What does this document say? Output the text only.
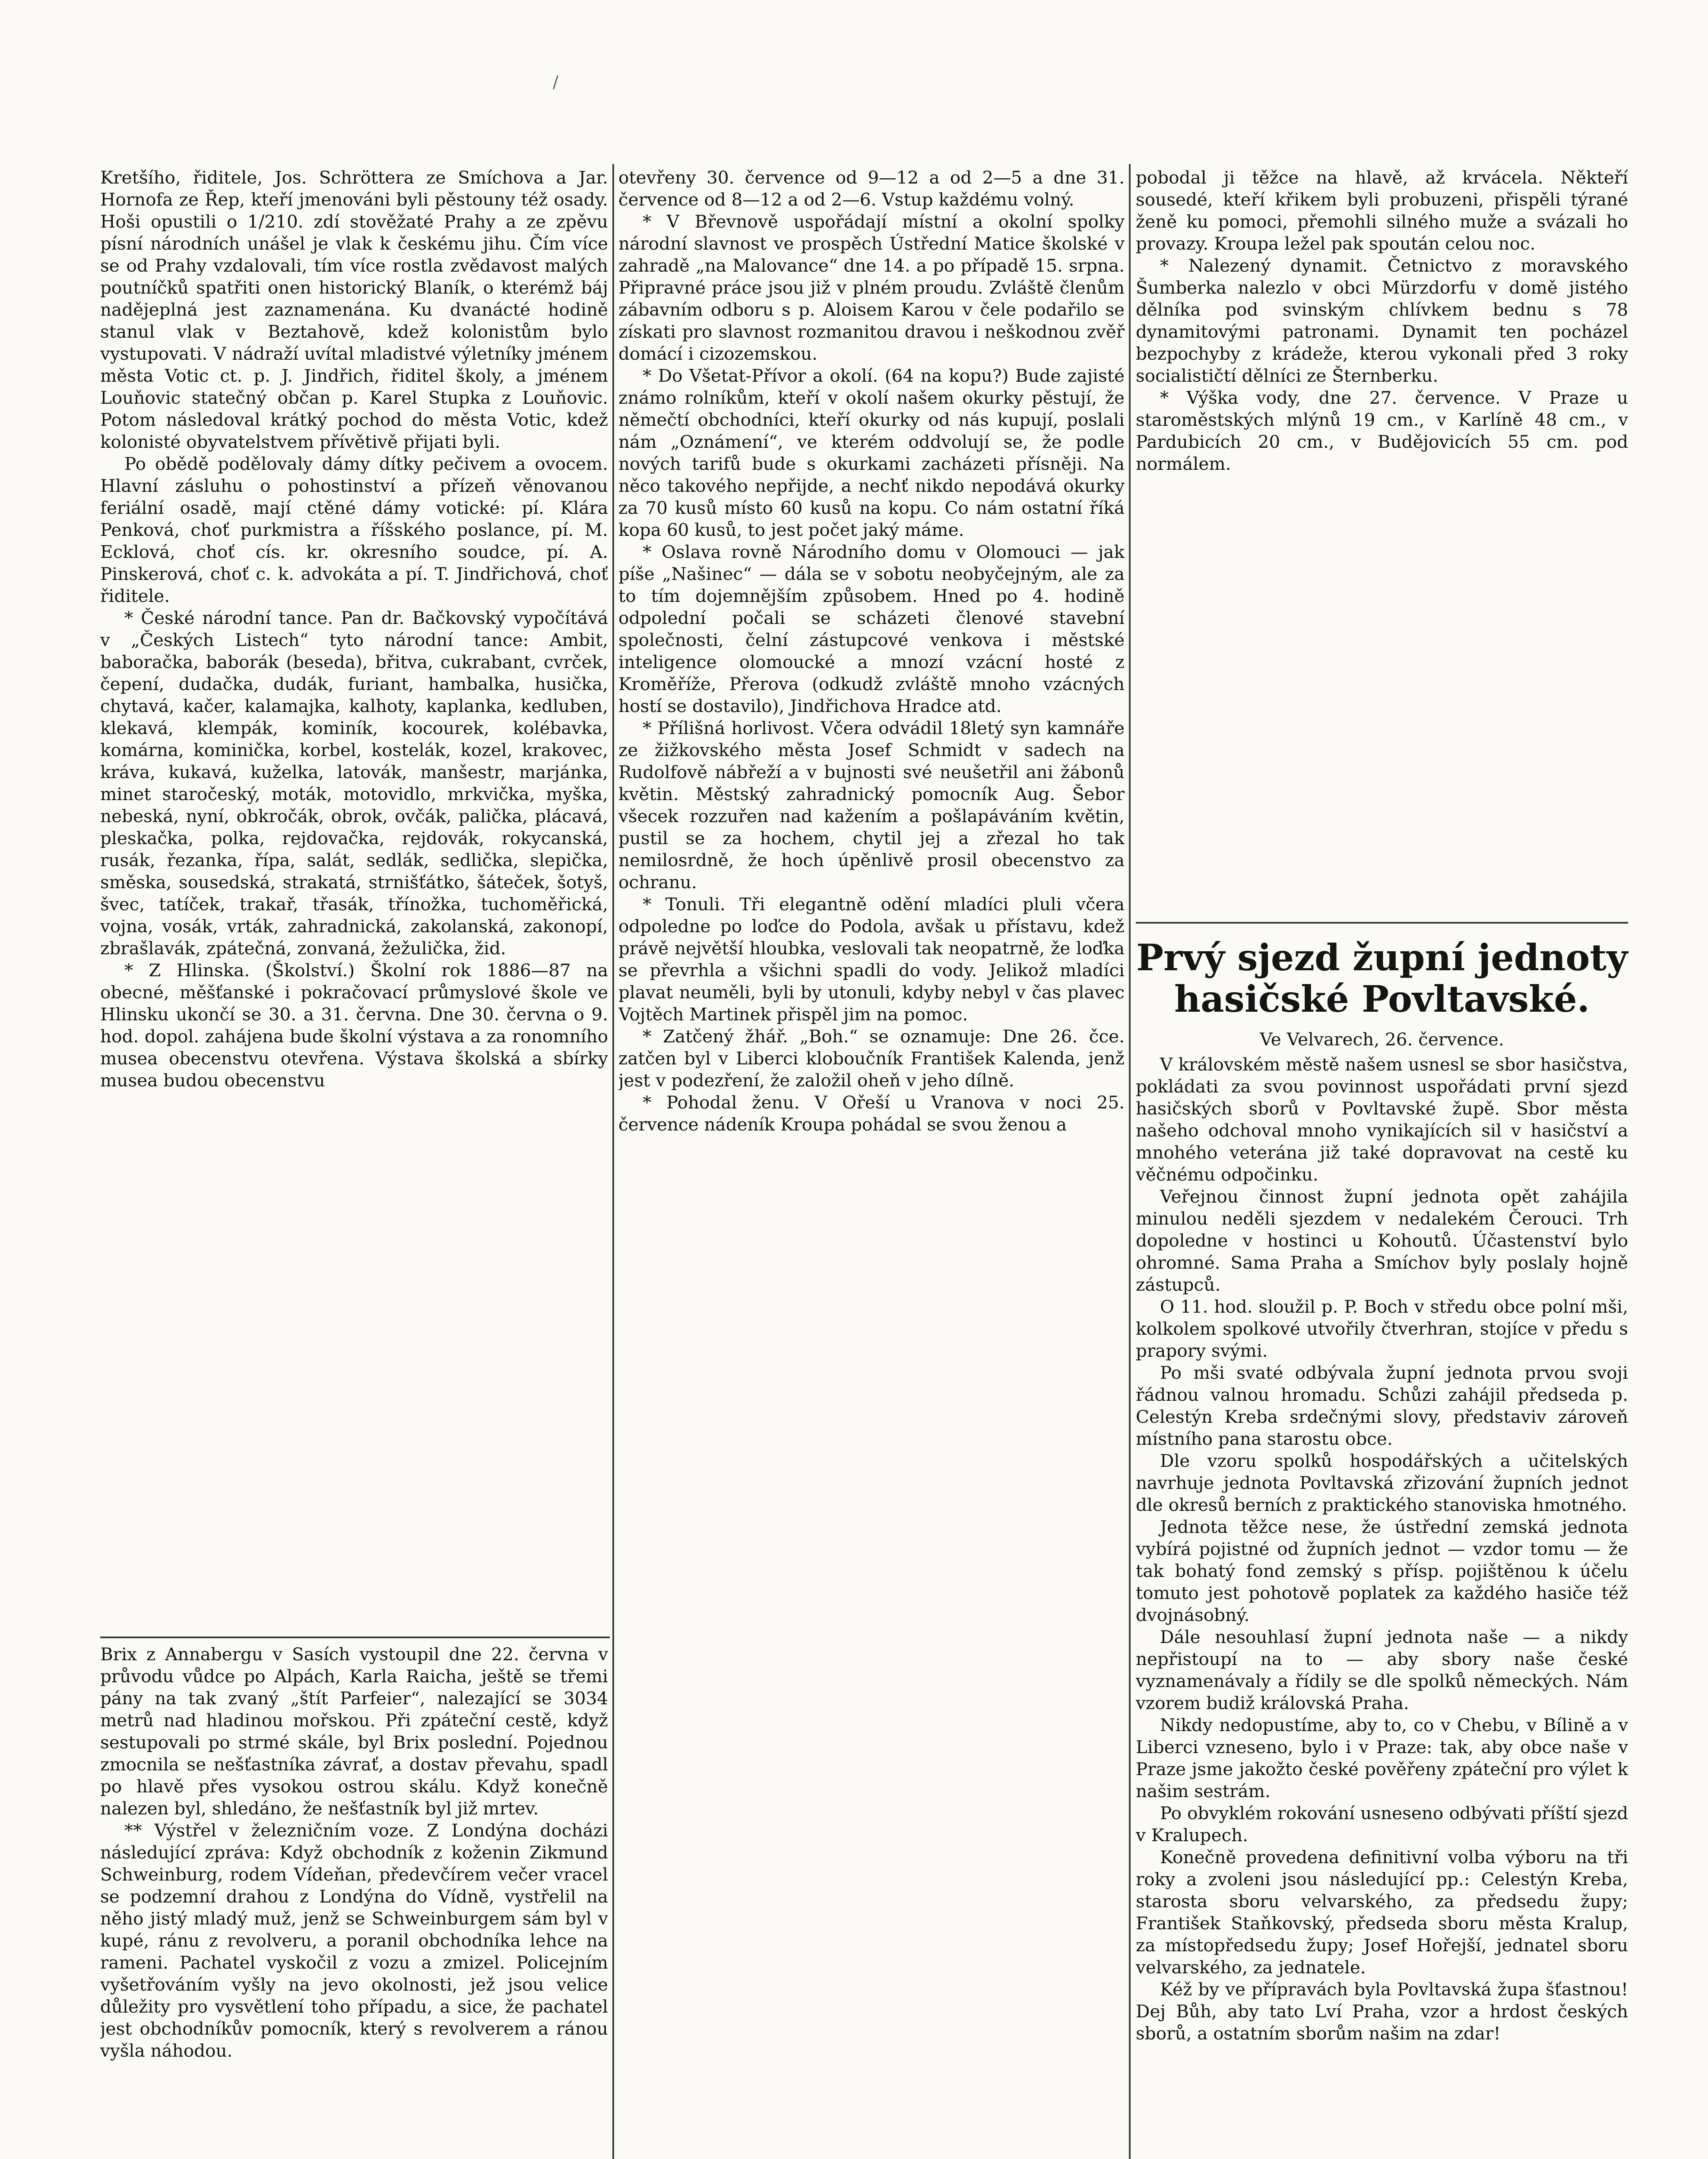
/

Kretšího, řiditele, Jos. Schröttera ze Smíchova a Jar. Hornofa ze Řep, kteří jmenováni byli pěstouny též osady. Hoši opustili o 1/210. zdí stověžaté Prahy a ze zpěvu písní národních unášel je vlak k českému jihu. Čím více se od Prahy vzdalovali, tím více rostla zvědavost malých poutníčků spatřiti onen historický Blaník, o kterémž báj nadějeplná jest zaznamenána. Ku dvanácté hodině stanul vlak v Beztahově, kdež kolonistům bylo vystupovati. V nádraží uvítal mladistvé výletníky jménem města Votic ct. p. J. Jindřich, řiditel školy, a jménem Louňovic statečný občan p. Karel Stupka z Louňovic. Potom následoval krátký pochod do města Votic, kdež kolonisté obyvatelstvem přívětivě přijati byli.

Po obědě podělovaly dámy dítky pečivem a ovocem. Hlavní zásluhu o pohostinství a přízeň věnovanou feriální osadě, mají ctěné dámy votické: pí. Klára Penková, choť purkmistra a říšského poslance, pí. M. Ecklová, choť cís. kr. okresního soudce, pí. A. Pinskerová, choť c. k. advokáta a pí. T. Jindřichová, choť řiditele.

* České národní tance. Pan dr. Bačkovský vypočítává v „Českých Listech“ tyto národní tance: Ambit, baboračka, baborák (beseda), břitva, cukrabant, cvrček, čepení, dudačka, dudák, furiant, hambalka, husička, chytavá, kačer, kalamajka, kalhoty, kaplanka, kedluben, klekavá, klempák, kominík, kocourek, kolébavka, komárna, kominička, korbel, kostelák, kozel, krakovec, kráva, kukavá, kuželka, latovák, manšestr, marjánka, minet staročeský, moták, motovidlo, mrkvička, myška, nebeská, nyní, obkročák, obrok, ovčák, palička, plácavá, pleskačka, polka, rejdovačka, rejdovák, rokycanská, rusák, řezanka, řípa, salát, sedlák, sedlička, slepička, směska, sousedská, strakatá, strnišťátko, šáteček, šotyš, švec, tatíček, trakař, třasák, třínožka, tuchoměřická, vojna, vosák, vrták, zahradnická, zakolanská, zakonopí, zbrašlavák, zpátečná, zonvaná, žežulička, žid.

* Z Hlinska. (Školství.) Školní rok 1886—87 na obecné, měšťanské i pokračovací průmyslové škole ve Hlinsku ukončí se 30. a 31. června. Dne 30. června o 9. hod. dopol. zahájena bude školní výstava a za ronomního musea obecenstvu otevřena. Výstava školská a sbírky musea budou obecenstvu

Brix z Annabergu v Sasích vystoupil dne 22. června v průvodu vůdce po Alpách, Karla Raicha, ještě se třemi pány na tak zvaný „štít Parfeier“, nalezající se 3034 metrů nad hladinou mořskou. Při zpáteční cestě, když sestupovali po strmé skále, byl Brix poslední. Pojednou zmocnila se nešťastníka závrať, a dostav převahu, spadl po hlavě přes vysokou ostrou skálu. Když konečně nalezen byl, shledáno, že nešťastník byl již mrtev.

** Výstřel v železničním voze. Z Londýna docházi následující zpráva: Když obchodník z koženin Zikmund Schweinburg, rodem Vídeňan, předevčírem večer vracel se podzemní drahou z Londýna do Vídně, vystřelil na něho jistý mladý muž, jenž se Schweinburgem sám byl v kupé, ránu z revolveru, a poranil obchodníka lehce na rameni. Pachatel vyskočil z vozu a zmizel. Policejním vyšetřováním vyšly na jevo okolnosti, jež jsou velice důležity pro vysvětlení toho případu, a sice, že pachatel jest obchodníkův pomocník, který s revolverem a ránou vyšla náhodou.

otevřeny 30. července od 9—12 a od 2—5 a dne 31. července od 8—12 a od 2—6. Vstup každému volný.

* V Břevnově uspořádají místní a okolní spolky národní slavnost ve prospěch Ústřední Matice školské v zahradě „na Malovance“ dne 14. a po případě 15. srpna. Připravné práce jsou již v plném proudu. Zvláště členům zábavním odboru s p. Aloisem Karou v čele podařilo se získati pro slavnost rozmanitou dravou i neškodnou zvěř domácí i cizozemskou.

* Do Všetat-Přívor a okolí. (64 na kopu?) Bude zajisté známo rolníkům, kteří v okolí našem okurky pěstují, že němečtí obchodníci, kteří okurky od nás kupují, poslali nám „Oznámení“, ve kterém oddvolují se, že podle nových tarifů bude s okurkami zacházeti přísněji. Na něco takového nepřijde, a nechť nikdo nepodává okurky za 70 kusů místo 60 kusů na kopu. Co nám ostatní říká kopa 60 kusů, to jest počet jaký máme.

* Oslava rovně Národního domu v Olomouci — jak píše „Našinec“ — dála se v sobotu neobyčejným, ale za to tím dojemnějším způsobem. Hned po 4. hodině odpolední počali se scházeti členové stavební společnosti, čelní zástupcové venkova i městské inteligence olomoucké a mnozí vzácní hosté z Kroměříže, Přerova (odkudž zvláště mnoho vzácných hostí se dostavilo), Jindřichova Hradce atd.

* Přílišná horlivost. Včera odvádil 18letý syn kamnáře ze žižkovského města Josef Schmidt v sadech na Rudolfově nábřeží a v bujnosti své neušetřil ani žábonů květin. Městský zahradnický pomocník Aug. Šebor všecek rozzuřen nad kažením a pošlapáváním květin, pustil se za hochem, chytil jej a zřezal ho tak nemilosrdně, že hoch úpěnlivě prosil obecenstvo za ochranu.

* Tonuli. Tři elegantně odění mladíci pluli včera odpoledne po loďce do Podola, avšak u přístavu, kdež právě největší hloubka, veslovali tak neopatrně, že loďka se převrhla a všichni spadli do vody. Jelikož mladíci plavat neuměli, byli by utonuli, kdyby nebyl v čas plavec Vojtěch Martinek přispěl jim na pomoc.

* Zatčený žhář. „Boh.“ se oznamuje: Dne 26. čce. zatčen byl v Liberci kloboučník František Kalenda, jenž jest v podezření, že založil oheň v jeho dílně.

* Pohodal ženu. V Ořeší u Vranova v noci 25. července nádeník Kroupa pohádal se svou ženou a

pobodal ji těžce na hlavě, až krvácela. Někteří sousedé, kteří křikem byli probuzeni, přispěli týrané ženě ku pomoci, přemohli silného muže a svázali ho provazy. Kroupa ležel pak spoután celou noc.

* Nalezený dynamit. Četnictvo z moravského Šumberka nalezlo v obci Mürzdorfu v domě jistého dělníka pod svinským chlívkem bednu s 78 dynamitovými patronami. Dynamit ten pocházel bezpochyby z krádeže, kterou vykonali před 3 roky socialističtí dělníci ze Šternberku.

* Výška vody, dne 27. července. V Praze u staroměstských mlýnů 19 cm., v Karlíně 48 cm., v Pardubicích 20 cm., v Budějovicích 55 cm. pod normálem.

Prvý sjezd župní jednoty hasičské Povltavské.
Ve Velvarech, 26. července.

V královském městě našem usnesl se sbor hasičstva, pokládati za svou povinnost uspořádati první sjezd hasičských sborů v Povltavské župě. Sbor města našeho odchoval mnoho vynikajících sil v hasičství a mnohého veterána již také dopravovat na cestě ku věčnému odpočinku.

Veřejnou činnost župní jednota opět zahájila minulou neděli sjezdem v nedalekém Čerouci. Trh dopoledne v hostinci u Kohoutů. Účastenství bylo ohromné. Sama Praha a Smíchov byly poslaly hojně zástupců.

O 11. hod. sloužil p. P. Boch v středu obce polní mši, kolkolem spolkové utvořily čtverhran, stojíce v předu s prapory svými.

Po mši svaté odbývala župní jednota prvou svoji řádnou valnou hromadu. Schůzi zahájil předseda p. Celestýn Kreba srdečnými slovy, představiv zároveň místního pana starostu obce.

Dle vzoru spolků hospodářských a učitelských navrhuje jednota Povltavská zřizování župních jednot dle okresů berních z praktického stanoviska hmotného.

Jednota těžce nese, že ústřední zemská jednota vybírá pojistné od župních jednot — vzdor tomu — že tak bohatý fond zemský s přísp. pojištěnou k účelu tomuto jest pohotově poplatek za každého hasiče též dvojnásobný.

Dále nesouhlasí župní jednota naše — a nikdy nepřistoupí na to — aby sbory naše české vyznamenávaly a řídily se dle spolků německých. Nám vzorem budiž královská Praha.

Nikdy nedopustíme, aby to, co v Chebu, v Bílině a v Liberci vzneseno, bylo i v Praze: tak, aby obce naše v Praze jsme jakožto české pověřeny zpáteční pro výlet k našim sestrám.

Po obvyklém rokování usneseno odbývati příští sjezd v Kralupech.

Konečně provedena definitivní volba výboru na tři roky a zvoleni jsou následující pp.: Celestýn Kreba, starosta sboru velvarského, za předsedu župy; František Staňkovský, předseda sboru města Kralup, za místopředsedu župy; Josef Hořejší, jednatel sboru velvarského, za jednatele.

Kéž by ve přípravách byla Povltavská župa šťastnou! Dej Bůh, aby tato Lví Praha, vzor a hrdost českých sborů, a ostatním sborům našim na zdar!
